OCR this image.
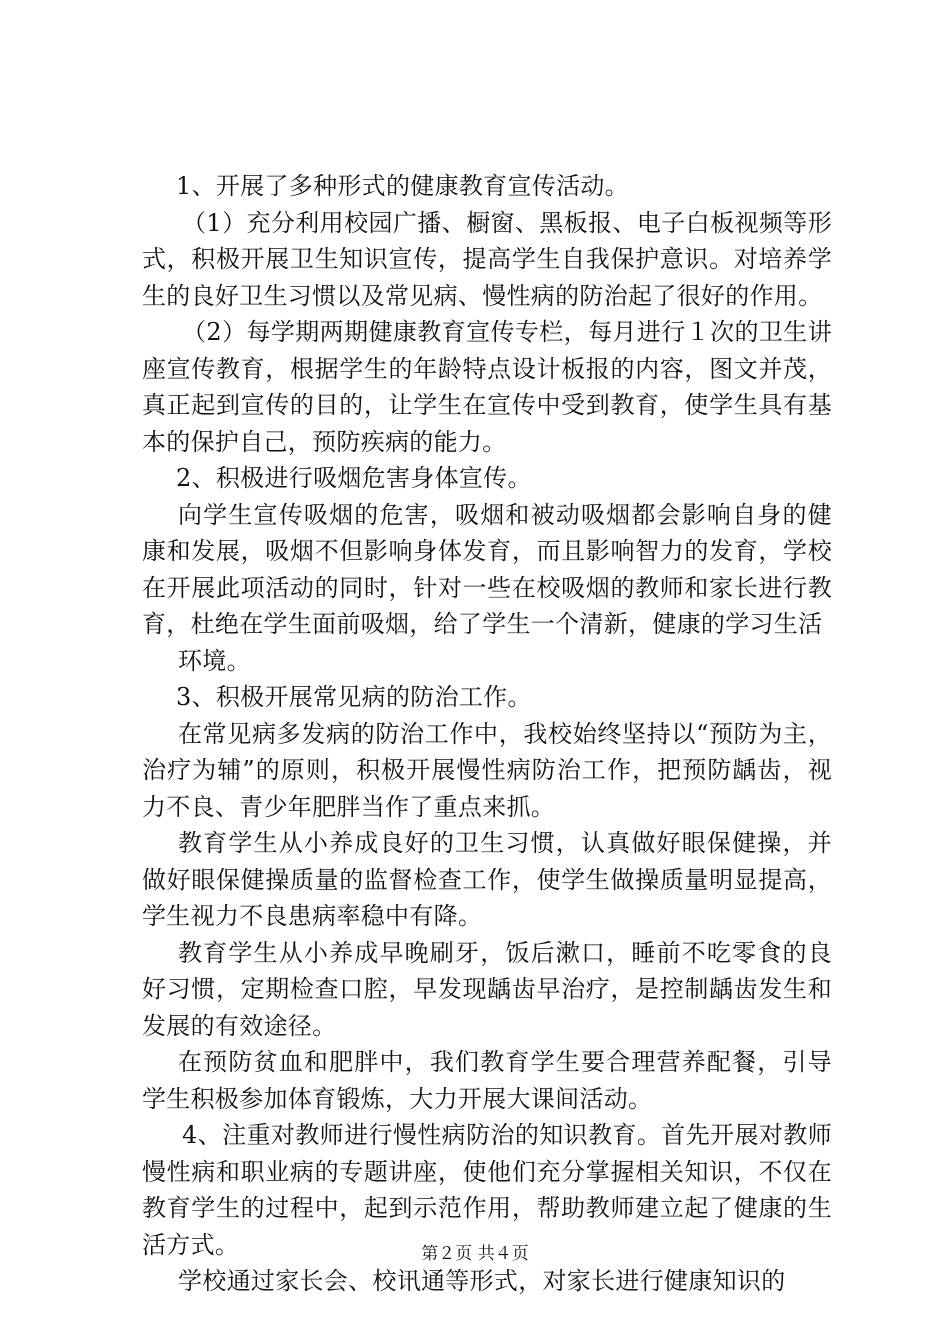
1、开展了多种形式的健康教育宣传活动。

（1）充分利用校园广播、橱窗、黑板报、电子白板视频等形式，积极开展卫生知识宣传，提高学生自我保护意识。对培养学生的良好卫生习惯以及常见病、慢性病的防治起了很好的作用。

（2）每学期两期健康教育宣传专栏，每月进行１次的卫生讲座宣传教育，根据学生的年龄特点设计板报的内容，图文并茂，真正起到宣传的目的，让学生在宣传中受到教育，使学生具有基本的保护自己，预防疾病的能力。

2、积极进行吸烟危害身体宣传。

向学生宣传吸烟的危害，吸烟和被动吸烟都会影响自身的健康和发展，吸烟不但影响身体发育，而且影响智力的发育，学校在开展此项活动的同时，针对一些在校吸烟的教师和家长进行教育，杜绝在学生面前吸烟，给了学生一个清新，健康的学习生活

环境。

3、积极开展常见病的防治工作。

在常见病多发病的防治工作中，我校始终坚持以“预防为主，治疗为辅”的原则，积极开展慢性病防治工作，把预防龋齿，视力不良、青少年肥胖当作了重点来抓。

教育学生从小养成良好的卫生习惯，认真做好眼保健操，并做好眼保健操质量的监督检查工作，使学生做操质量明显提高，学生视力不良患病率稳中有降。

教育学生从小养成早晚刷牙，饭后漱口，睡前不吃零食的良好习惯，定期检查口腔，早发现龋齿早治疗，是控制龋齿发生和发展的有效途径。

在预防贫血和肥胖中，我们教育学生要合理营养配餐，引导学生积极参加体育锻炼，大力开展大课间活动。

4、注重对教师进行慢性病防治的知识教育。首先开展对教师慢性病和职业病的专题讲座，使他们充分掌握相关知识，不仅在教育学生的过程中，起到示范作用，帮助教师建立起了健康的生活方式。

学校通过家长会、校讯通等形式，对家长进行健康知识的

第２页 共４页
